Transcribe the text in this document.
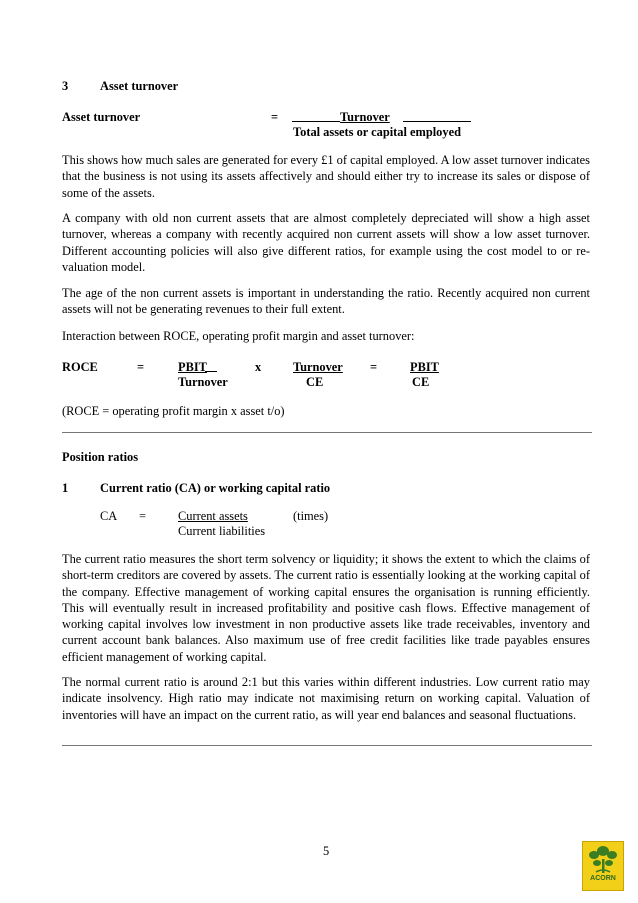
3	Asset turnover
Asset turnover	=	Turnover
Total assets or capital employed

This shows how much sales are generated for every £1 of capital employed. A low asset turnover indicates that the business is not using its assets affectively and should either try to increase its sales or dispose of some of the assets.

A company with old non current assets that are almost completely depreciated will show a high asset turnover, whereas a company with recently acquired non current assets will show a low asset turnover. Different accounting policies will also give different ratios, for example using the cost model to or re-valuation model.

The age of the non current assets is important in understanding the ratio. Recently acquired non current assets will not be generating revenues to their full extent.

Interaction between ROCE, operating profit margin and asset turnover:
ROCE	=	PBIT
Turnover
x	Turnover
CE
=	PBIT
CE
(ROCE = operating profit margin x asset t/o)
Position ratios
1	Current ratio (CA) or working capital ratio
CA =	Current assets	(times)
Current liabilities

The current ratio measures the short term solvency or liquidity; it shows the extent to which the claims of short-term creditors are covered by assets. The current ratio is essentially looking at the working capital of the company. Effective management of working capital ensures the organisation is running efficiently. This will eventually result in increased profitability and positive cash flows. Effective management of working capital involves low investment in non productive assets like trade receivables, inventory and current account bank balances. Also maximum use of free credit facilities like trade payables ensures efficient management of working capital.

The normal current ratio is around 2:1 but this varies within different industries. Low current ratio may indicate insolvency. High ratio may indicate not maximising return on working capital. Valuation of inventories will have an impact on the current ratio, as will year end balances and seasonal fluctuations.

5
ACORN
